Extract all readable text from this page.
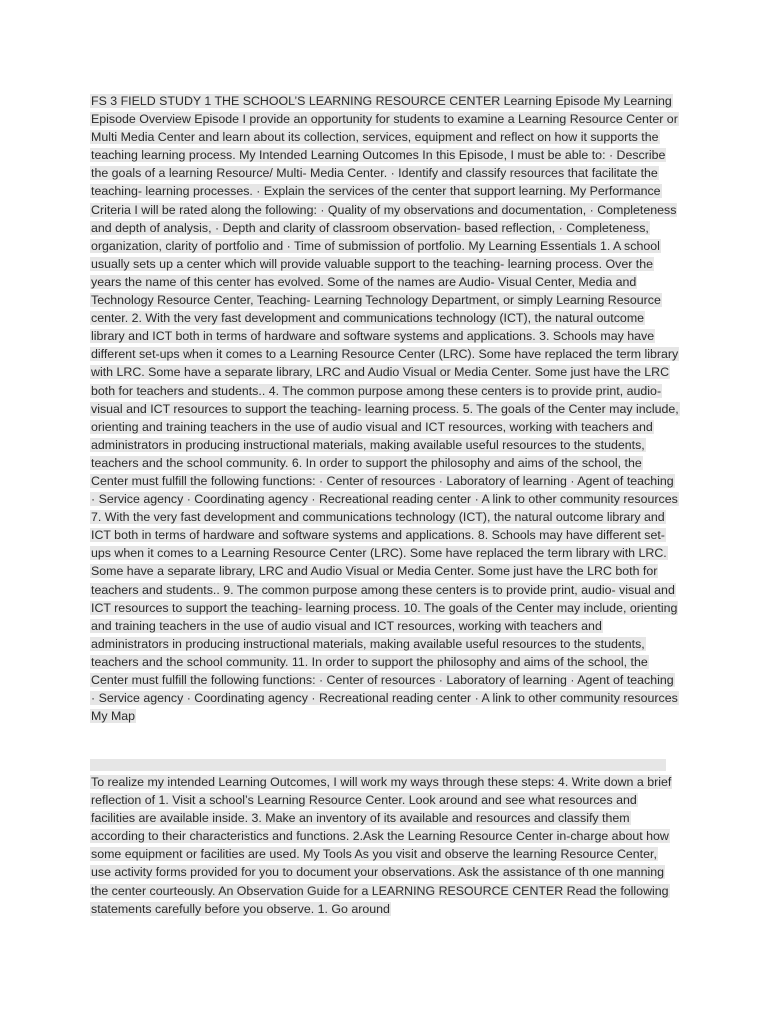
FS 3 FIELD STUDY 1 THE SCHOOL’S LEARNING RESOURCE CENTER Learning Episode My Learning Episode Overview Episode I provide an opportunity for students to examine a Learning Resource Center or Multi Media Center and learn about its collection, services, equipment and reflect on how it supports the teaching learning process. My Intended Learning Outcomes In this Episode, I must be able to: · Describe the goals of a learning Resource/ Multi- Media Center. · Identify and classify resources that facilitate the teaching- learning processes. · Explain the services of the center that support learning. My Performance Criteria I will be rated along the following: · Quality of my observations and documentation, · Completeness and depth of analysis, · Depth and clarity of classroom observation- based reflection, · Completeness, organization, clarity of portfolio and · Time of submission of portfolio. My Learning Essentials 1. A school usually sets up a center which will provide valuable support to the teaching- learning process. Over the years the name of this center has evolved. Some of the names are Audio- Visual Center, Media and Technology Resource Center, Teaching- Learning Technology Department, or simply Learning Resource center. 2. With the very fast development and communications technology (ICT), the natural outcome library and ICT both in terms of hardware and software systems and applications. 3. Schools may have different set-ups when it comes to a Learning Resource Center (LRC). Some have replaced the term library with LRC. Some have a separate library, LRC and Audio Visual or Media Center. Some just have the LRC both for teachers and students.. 4. The common purpose among these centers is to provide print, audio- visual and ICT resources to support the teaching- learning process. 5. The goals of the Center may include, orienting and training teachers in the use of audio visual and ICT resources, working with teachers and administrators in producing instructional materials, making available useful resources to the students, teachers and the school community. 6. In order to support the philosophy and aims of the school, the Center must fulfill the following functions: · Center of resources · Laboratory of learning · Agent of teaching · Service agency · Coordinating agency · Recreational reading center · A link to other community resources 7. With the very fast development and communications technology (ICT), the natural outcome library and ICT both in terms of hardware and software systems and applications. 8. Schools may have different set-ups when it comes to a Learning Resource Center (LRC). Some have replaced the term library with LRC. Some have a separate library, LRC and Audio Visual or Media Center. Some just have the LRC both for teachers and students.. 9. The common purpose among these centers is to provide print, audio- visual and ICT resources to support the teaching- learning process. 10. The goals of the Center may include, orienting and training teachers in the use of audio visual and ICT resources, working with teachers and administrators in producing instructional materials, making available useful resources to the students, teachers and the school community. 11. In order to support the philosophy and aims of the school, the Center must fulfill the following functions: · Center of resources · Laboratory of learning · Agent of teaching · Service agency · Coordinating agency · Recreational reading center · A link to other community resources My Map
To realize my intended Learning Outcomes, I will work my ways through these steps: 4. Write down a brief reflection of 1. Visit a school’s Learning Resource Center. Look around and see what resources and facilities are available inside. 3. Make an inventory of its available and resources and classify them according to their characteristics and functions. 2.Ask the Learning Resource Center in-charge about how some equipment or facilities are used. My Tools As you visit and observe the learning Resource Center, use activity forms provided for you to document your observations. Ask the assistance of th one manning the center courteously. An Observation Guide for a LEARNING RESOURCE CENTER Read the following statements carefully before you observe. 1. Go around
